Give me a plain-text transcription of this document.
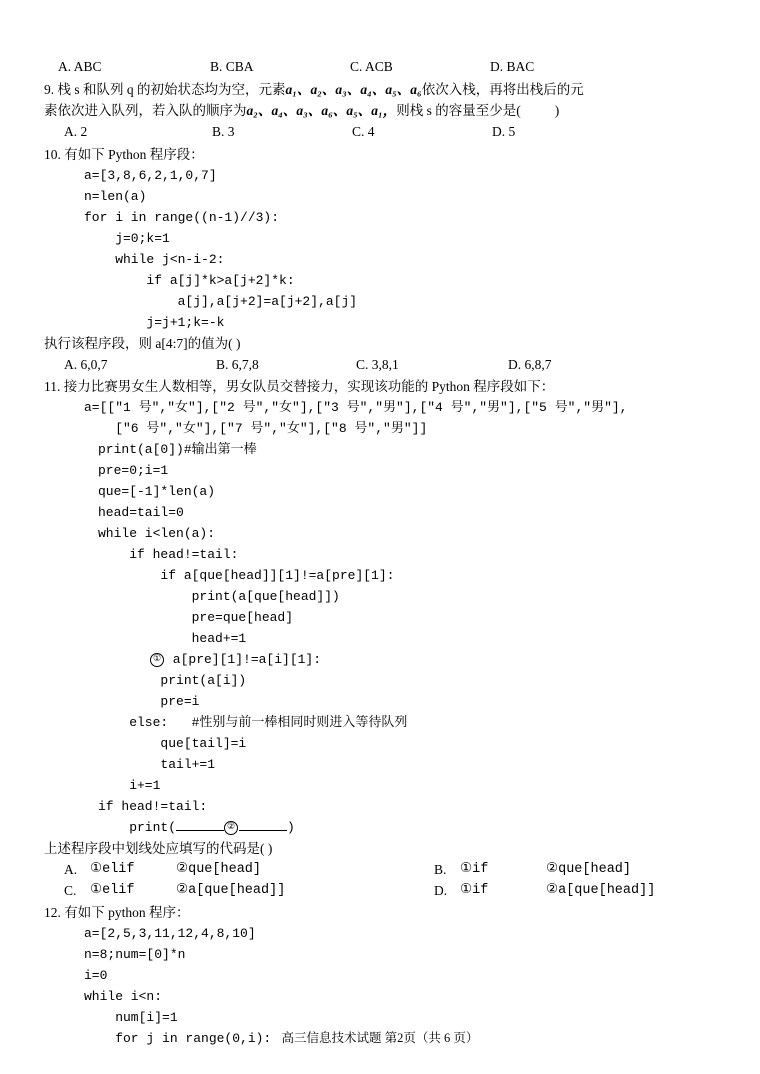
A. ABC	B. CBA	C. ACB	D. BAC
9. 栈 s 和队列 q 的初始状态均为空，元素a₁、a₂、a₃、a₄、a₅、a₆依次入栈，再将出栈后的元
素依次进入队列，若入队的顺序为a₂、a₄、a₃、a₆、a₅、a₁，则栈 s 的容量至少是(	)
A. 2	B. 3	C. 4	D. 5
10. 有如下 Python 程序段：
a=[3,8,6,2,1,0,7]
n=len(a)
for i in range((n-1)//3):
j=0;k=1
while j<n-i-2:
if a[j]*k>a[j+2]*k:
a[j],a[j+2]=a[j+2],a[j]
j=j+1;k=-k
执行该程序段，则 a[4:7]的值为( )
A. 6,0,7	B. 6,7,8	C. 3,8,1	D. 6,8,7
11. 接力比赛男女生人数相等，男女队员交替接力，实现该功能的 Python 程序段如下：
a=[["1 号","女"],["2 号","女"],["3 号","男"],["4 号","男"],["5 号","男"],
["6 号","女"],["7 号","女"],["8 号","男"]]
print(a[0])#输出第一棒
pre=0;i=1
que=[-1]*len(a)
head=tail=0
while i<len(a):
if head!=tail:
if a[que[head]][1]!=a[pre][1]:
print(a[que[head]])
pre=que[head]
head+=1

① a[pre][1]!=a[i][1]:
print(a[i])
pre=i
else:   #性别与前一棒相同时则进入等待队列
que[tail]=i
tail+=1
i+=1
if head!=tail:
print(	②	)
上述程序段中划线处应填写的代码是( )
A. ①elif	②que[head]	B.	①if	②que[head]
C.	①elif	②a[que[head]]	D. ①if	②a[que[head]]
12. 有如下 python 程序：
a=[2,5,3,11,12,4,8,10]
n=8;num=[0]*n
i=0
while i<n:
num[i]=1
for j in range(0,i): 高三信息技术试题 第2页（共 6 页）
